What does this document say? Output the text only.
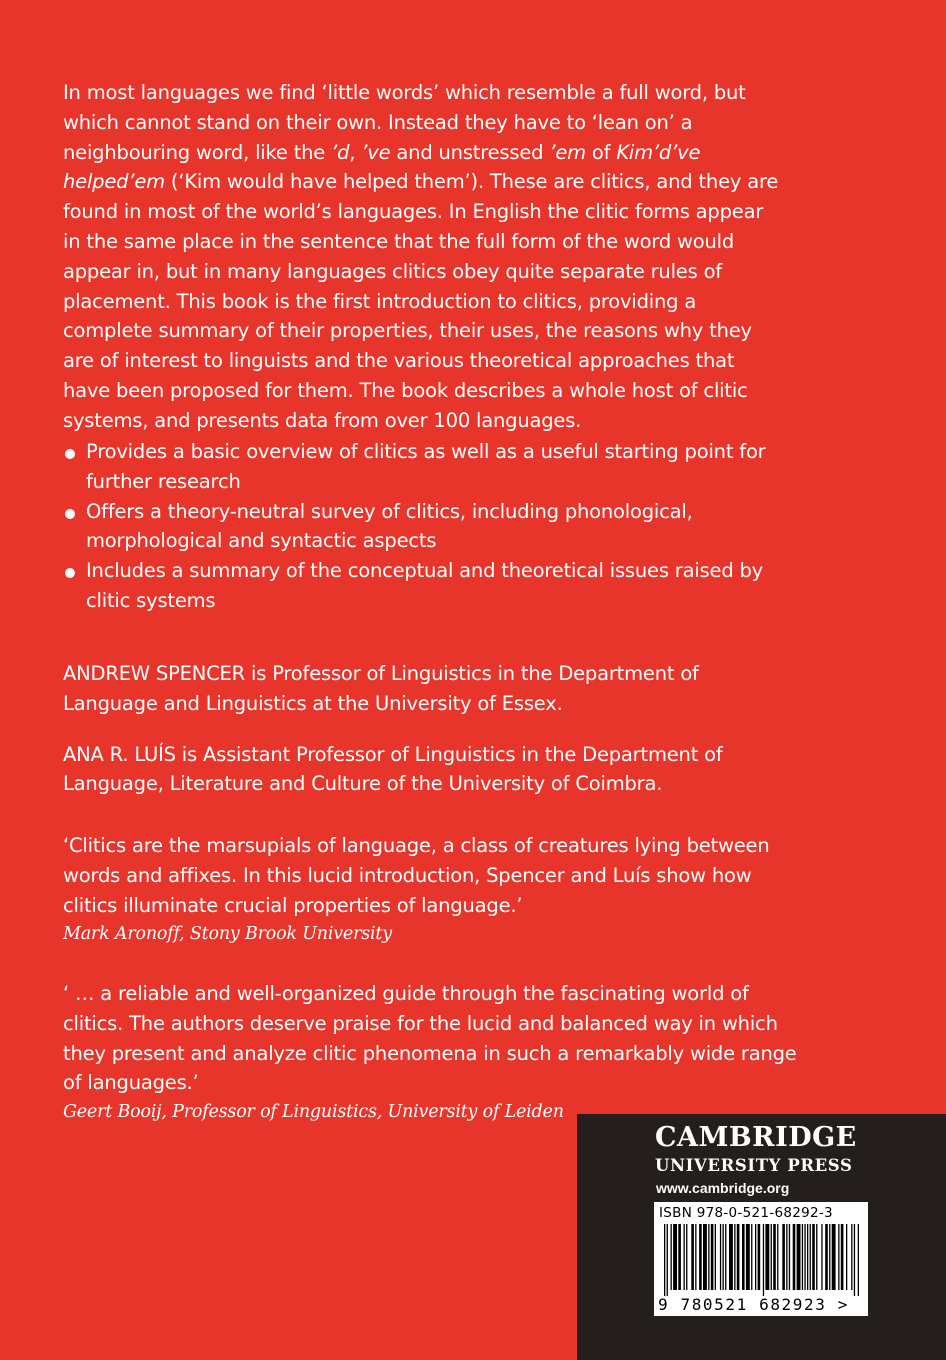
In most languages we find ‘little words’ which resemble a full word, but which cannot stand on their own. Instead they have to ‘lean on’ a neighbouring word, like the ’d, ’ve and unstressed ’em of Kim’d’ve helped’em (‘Kim would have helped them’). These are clitics, and they are found in most of the world’s languages. In English the clitic forms appear in the same place in the sentence that the full form of the word would appear in, but in many languages clitics obey quite separate rules of placement. This book is the first introduction to clitics, providing a complete summary of their properties, their uses, the reasons why they are of interest to linguists and the various theoretical approaches that have been proposed for them. The book describes a whole host of clitic systems, and presents data from over 100 languages.

Provides a basic overview of clitics as well as a useful starting point for further research
Offers a theory-neutral survey of clitics, including phonological, morphological and syntactic aspects
Includes a summary of the conceptual and theoretical issues raised by clitic systems

ANDREW SPENCER is Professor of Linguistics in the Department of Language and Linguistics at the University of Essex.

ANA R. LUÍS is Assistant Professor of Linguistics in the Department of Language, Literature and Culture of the University of Coimbra.

‘Clitics are the marsupials of language, a class of creatures lying between words and affixes. In this lucid introduction, Spencer and Luís show how clitics illuminate crucial properties of language.’

Mark Aronoff, Stony Brook University

‘ … a reliable and well-organized guide through the fascinating world of clitics. The authors deserve praise for the lucid and balanced way in which they present and analyze clitic phenomena in such a remarkably wide range of languages.’

Geert Booij, Professor of Linguistics, University of Leiden

CAMBRIDGE
UNIVERSITY PRESS
www.cambridge.org
ISBN 978-0-521-68292-3
9 780521 682923 >
